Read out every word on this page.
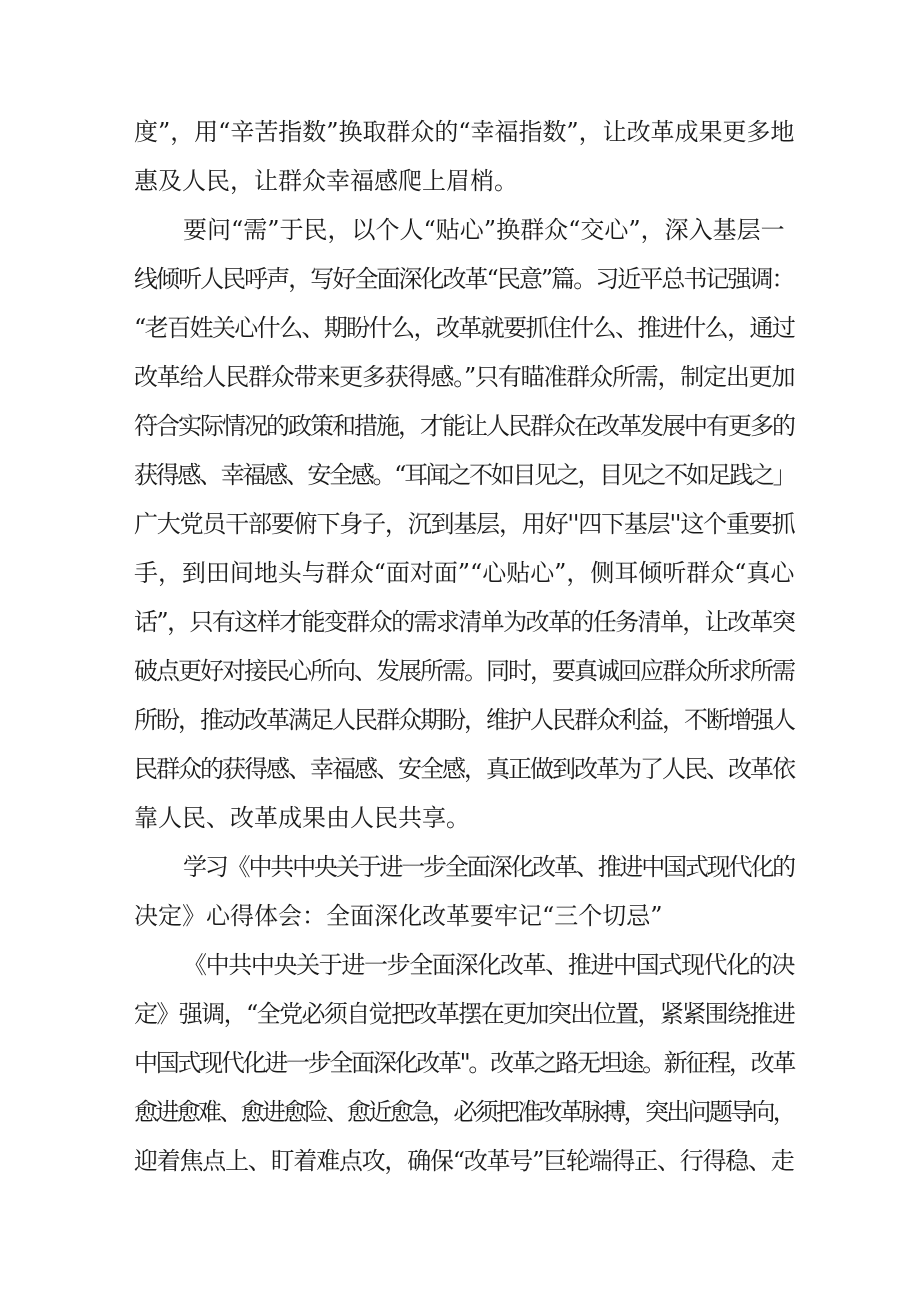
度”，用“辛苦指数”换取群众的“幸福指数”，让改革成果更多地
惠及人民，让群众幸福感爬上眉梢。
要问“需”于民，以个人“贴心”换群众“交心”，深入基层一
线倾听人民呼声，写好全面深化改革“民意”篇。习近平总书记强调：
“老百姓关心什么、期盼什么，改革就要抓住什么、推进什么，通过
改革给人民群众带来更多获得感。”只有瞄准群众所需，制定出更加
符合实际情况的政策和措施，才能让人民群众在改革发展中有更多的
获得感、幸福感、安全感。“耳闻之不如目见之，目见之不如足践之」
广大党员干部要俯下身子，沉到基层，用好''四下基层''这个重要抓
手，到田间地头与群众“面对面”“心贴心”，侧耳倾听群众“真心
话”，只有这样才能变群众的需求清单为改革的任务清单，让改革突
破点更好对接民心所向、发展所需。同时，要真诚回应群众所求所需
所盼，推动改革满足人民群众期盼，维护人民群众利益，不断增强人
民群众的获得感、幸福感、安全感，真正做到改革为了人民、改革依
靠人民、改革成果由人民共享。
学习《中共中央关于进一步全面深化改革、推进中国式现代化的
决定》心得体会：全面深化改革要牢记“三个切忌”
《中共中央关于进一步全面深化改革、推进中国式现代化的决
定》强调，“全党必须自觉把改革摆在更加突出位置，紧紧围绕推进
中国式现代化进一步全面深化改革"。改革之路无坦途。新征程，改革
愈进愈难、愈进愈险、愈近愈急，必须把准改革脉搏，突出问题导向，
迎着焦点上、盯着难点攻，确保“改革号”巨轮端得正、行得稳、走
